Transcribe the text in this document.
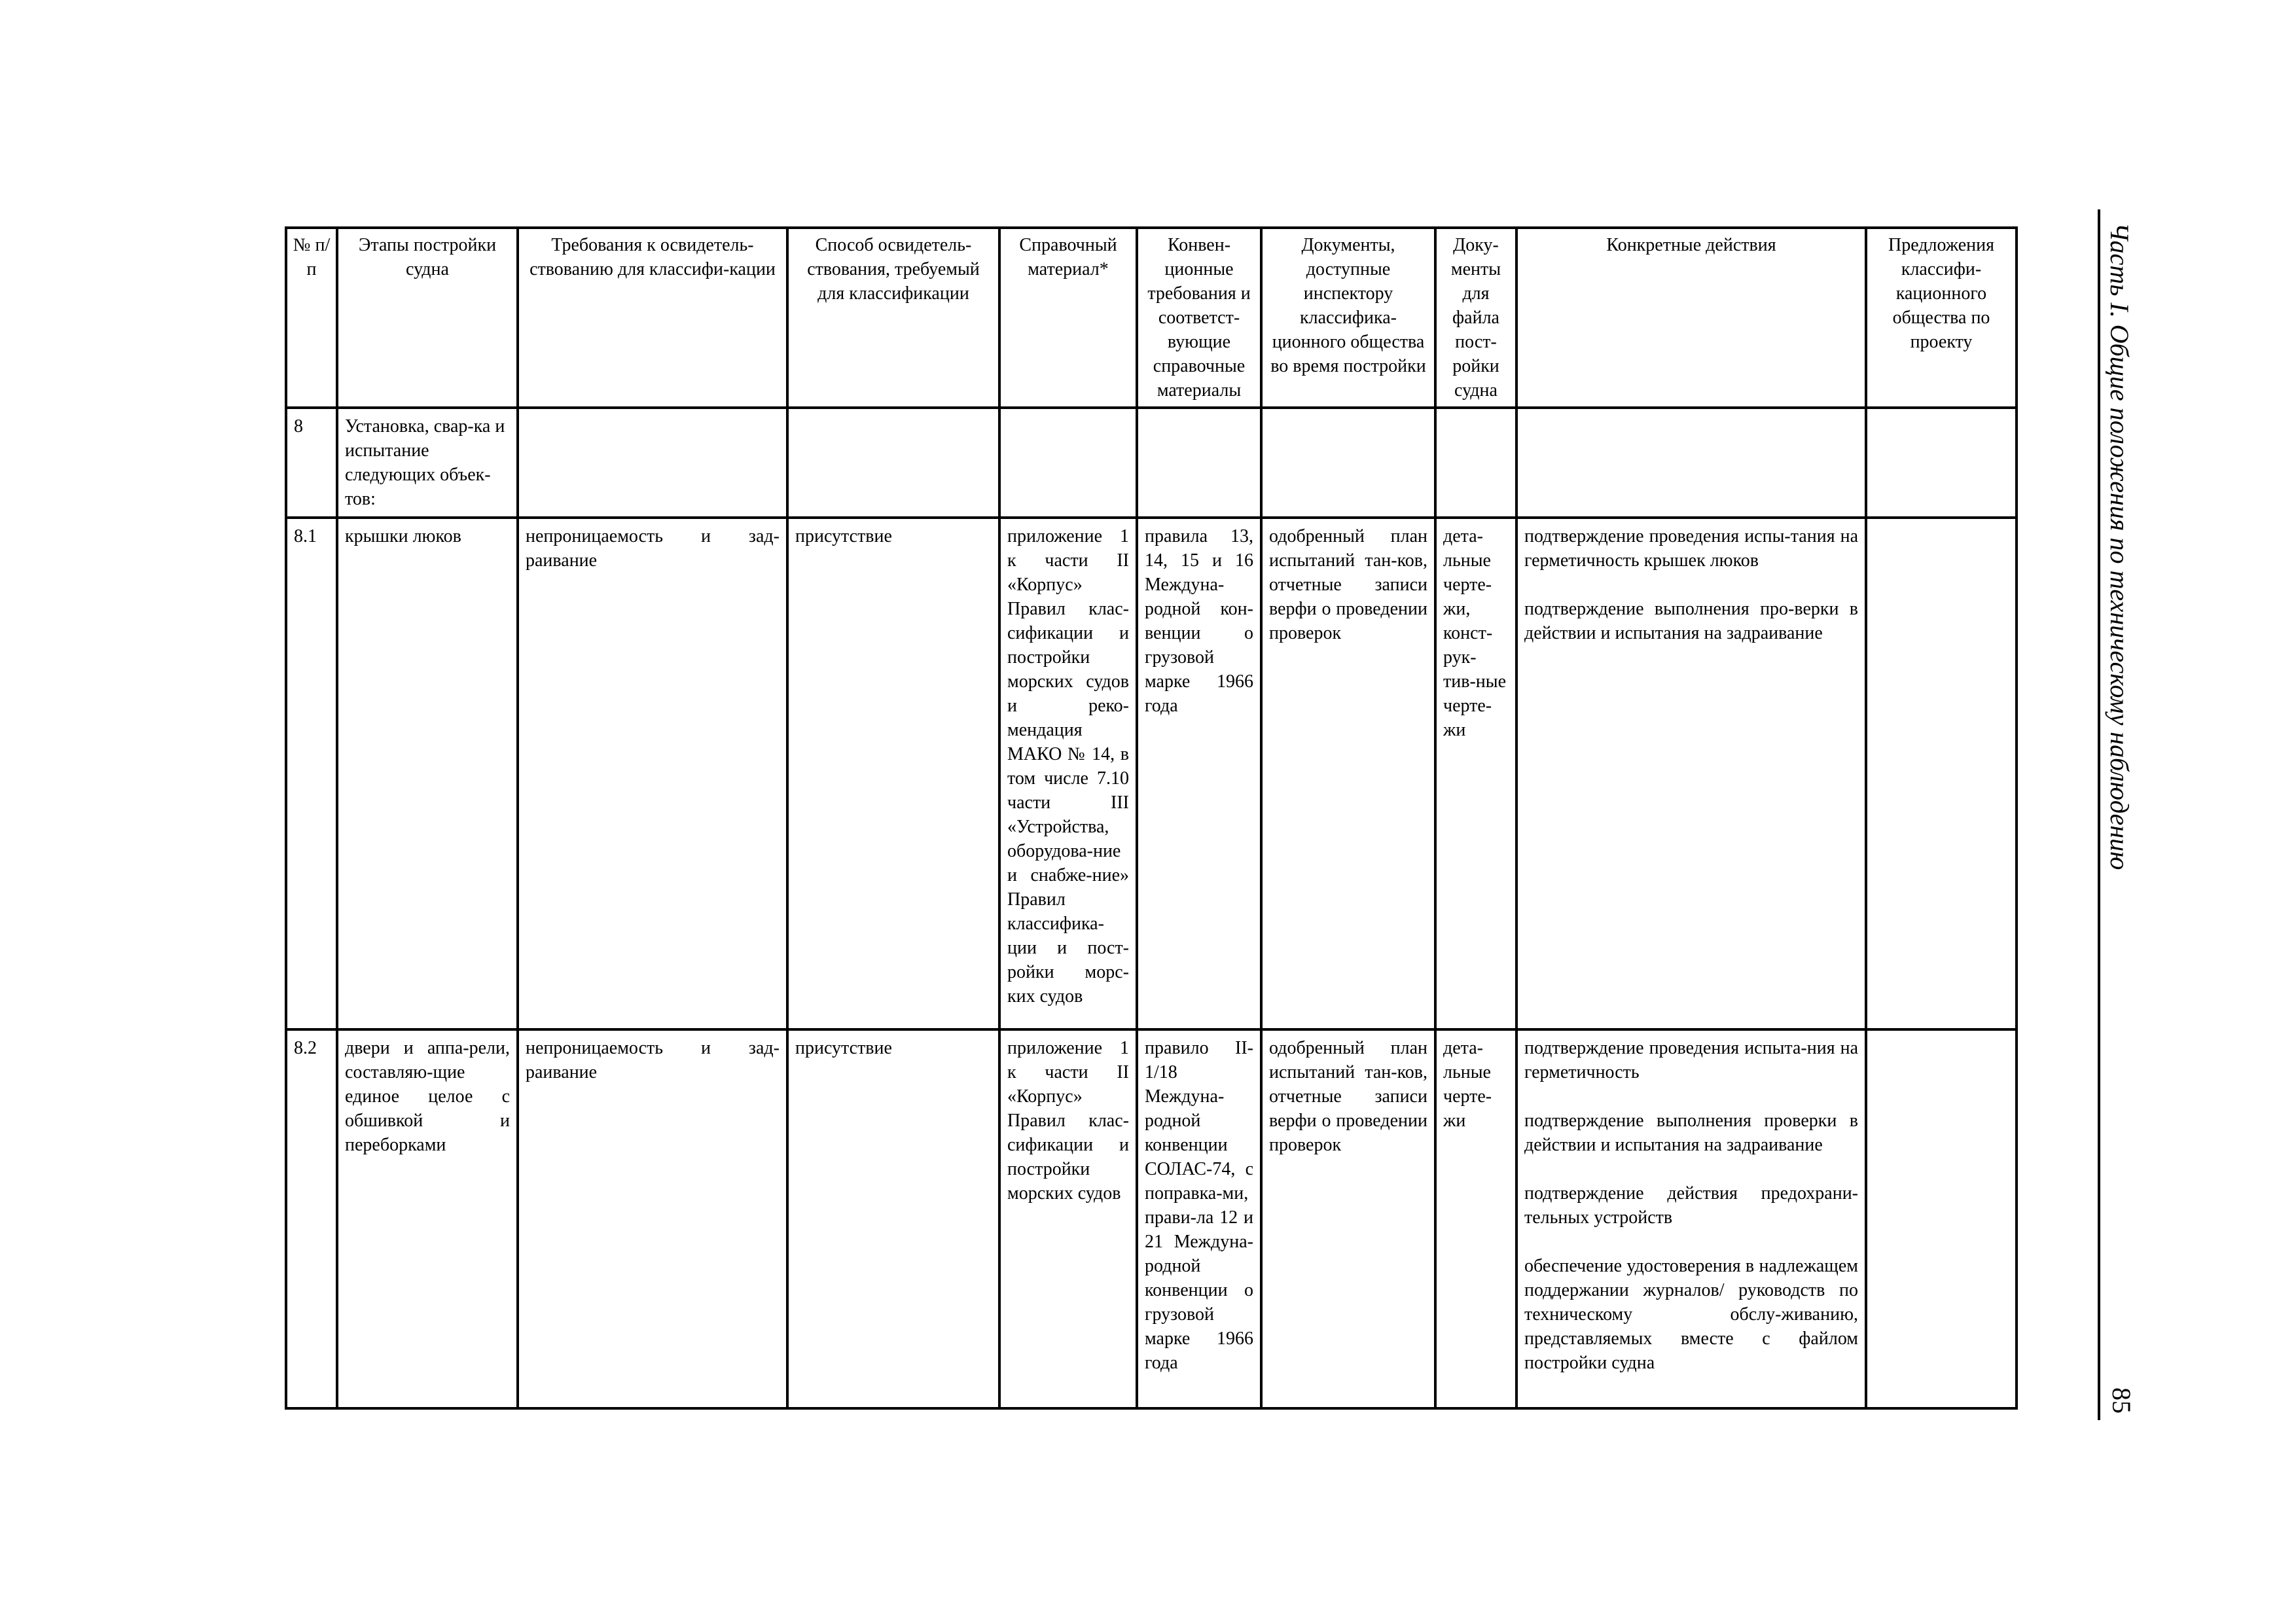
№ п/п	Этапы постройки судна	Требования к освидетель-ствованию для классифи-кации	Способ освидетель-ствования, требуемый для классификации	Справочный материал*	Конвен-ционные требования и соответст-вующие справочные материалы	Документы, доступные инспектору классифика-ционного общества во время постройки	Доку-менты для файла пост-ройки судна	Конкретные действия	Предложения классифи-кационного общества по проекту
8	Установка, свар-ка и испытание следующих объек-тов:								
8.1	крышки люков	непроницаемость и зад-раивание	присутствие	приложение 1 к части II «Корпус» Правил клас-сификации и постройки морских судов и реко-мендация МАКО № 14, в том числе 7.10 части III «Устройства, оборудова-ние и снабже-ние» Правил классифика-ции и пост-ройки морс-ких судов	правила 13, 14, 15 и 16 Междуна-родной кон-венции о грузовой марке 1966 года	одобренный план испытаний тан-ков, отчетные записи верфи о проведении проверок	дета-льные черте-жи, конст-рук-тив-ные черте-жи	подтверждение проведения испы-тания на герметичность крышек люков
подтверждение выполнения про-верки в действии и испытания на задраивание	

8.2	двери и аппа-рели, составляю-щие единое целое с обшивкой и переборками	непроницаемость и зад-раивание	присутствие	приложение 1 к части II «Корпус» Правил клас-сификации и постройки морских судов	правило II-1/18 Междуна-родной конвенции СОЛАС-74, с поправка-ми, прави-ла 12 и 21 Междуна-родной конвенции о грузовой марке 1966 года	одобренный план испытаний тан-ков, отчетные записи верфи о проведении проверок	дета-льные черте-жи	подтверждение проведения испыта-ния на герметичность
подтверждение выполнения проверки в действии и испытания на задраивание
подтверждение действия предохрани-тельных устройств
обеспечение удостоверения в надлежащем поддержании журналов/ руководств по техническому обслу-живанию, представляемых вместе с файлом постройки судна	

Часть I. Общие положения по техническому наблюдению
85
